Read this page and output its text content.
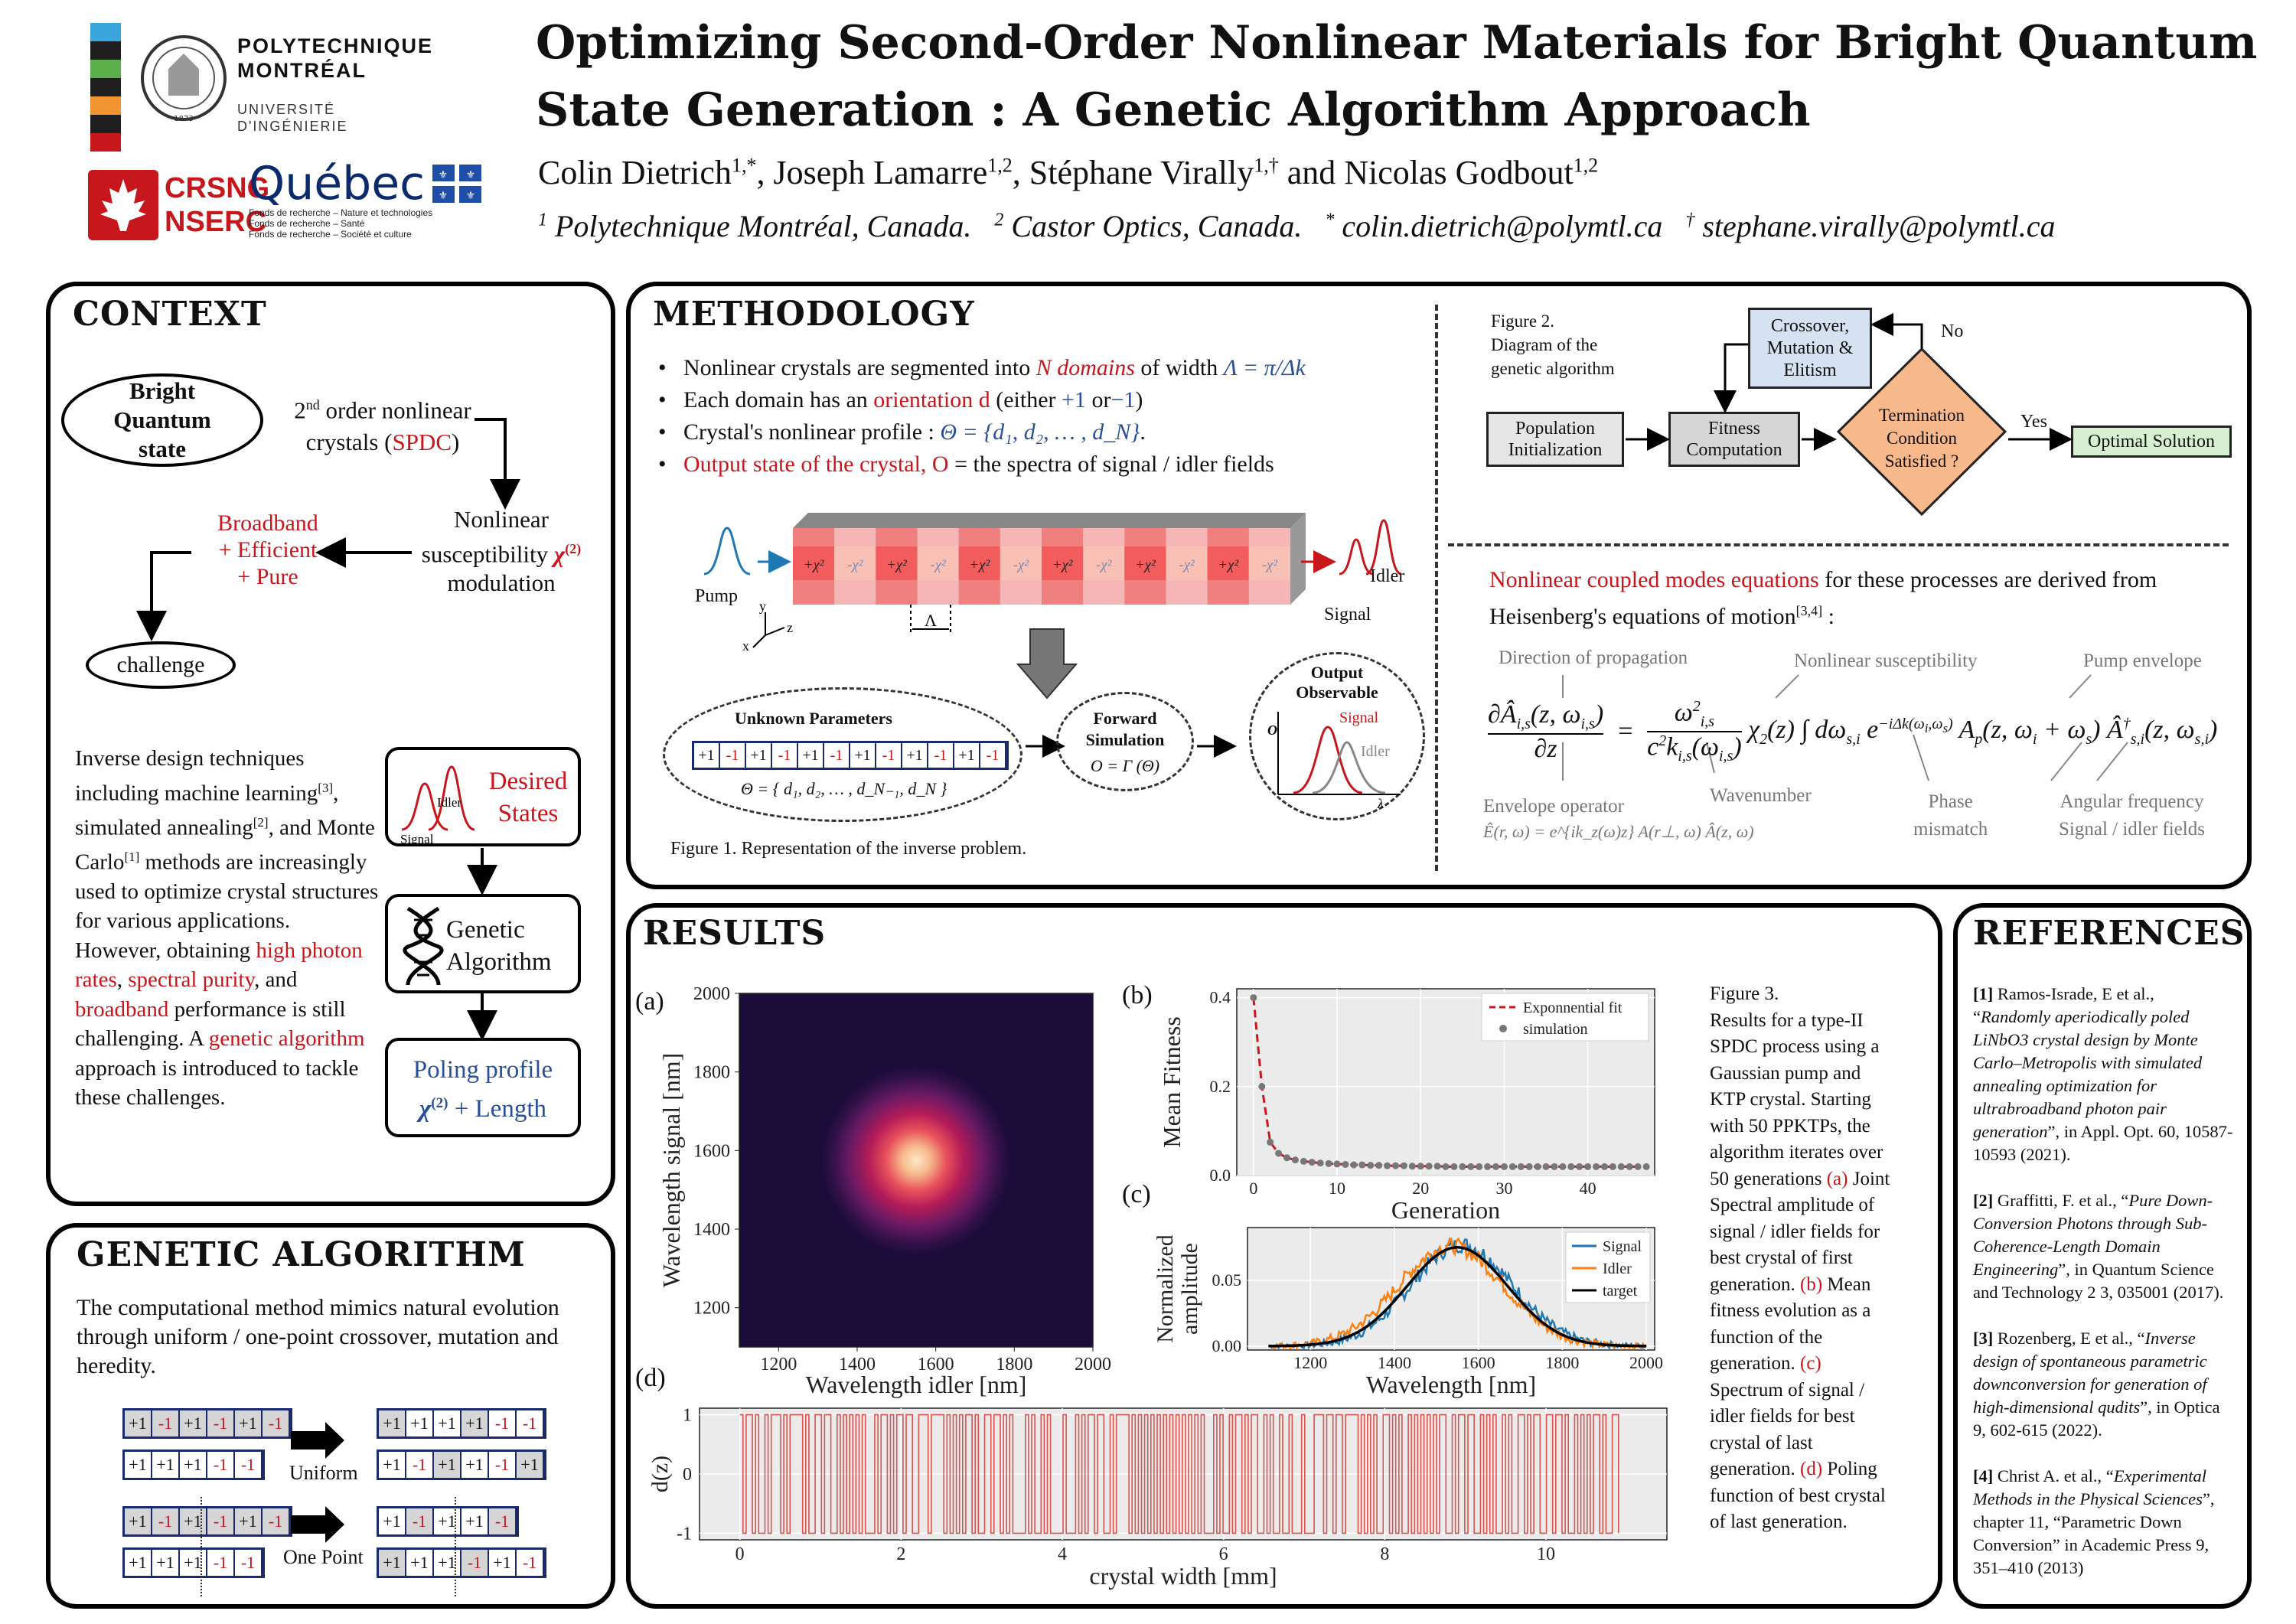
1873
POLYTECHNIQUE
MONTRÉAL
UNIVERSITÉ
D'INGÉNIERIE
CRSNG
NSERC
Québec ⚜ ⚜
⚜ ⚜
Fonds de recherche – Nature et technologies
Fonds de recherche – Santé
Fonds de recherche – Société et culture
Optimizing Second-Order Nonlinear Materials for Bright Quantum
State Generation : A Genetic Algorithm Approach
Colin Dietrich$^{1,*}$, Joseph Lamarre$^{1,2}$, Stéphane Virally$^{1,\dagger}$ and Nicolas Godbout$^{1,2}$
$^1$ Polytechnique Montréal, Canada.   $^2$ Castor Optics, Canada.   * colin.dietrich@polymtl.ca   † stephane.virally@polymtl.ca
CONTEXT
Bright Quantum state
2nd order nonlinear crystals (SPDC)
Nonlinear
susceptibility $\chi^{(2)}$
modulation
Broadband
+ Efficient
+ Pure
challenge
Inverse design techniques including machine learning[3], simulated annealing[2], and Monte Carlo[1] methods are increasingly used to optimize crystal structures for various applications. However, obtaining high photon rates, spectral purity, and broadband performance is still challenging. A genetic algorithm approach is introduced to tackle these challenges.
Signal
Idler
Desired States
Genetic Algorithm
Poling profile
$\chi^{(2)}$ + Length
GENETIC ALGORITHM
The computational method mimics natural evolution through uniform / one-point crossover, mutation and heredity.
+1 -1 +1 -1 +1 -1
+1 +1 +1 -1 -1
+1 -1 +1 -1 +1 -1
+1 +1 +1 -1 -1
+1 +1 +1 +1 -1 -1
+1 -1 +1 +1 -1 +1
+1 -1 +1 +1 -1
+1 +1 +1 -1 +1 -1
Uniform
One Point
METHODOLOGY
•   Nonlinear crystals are segmented into N domains of width Λ = π/Δk
•   Each domain has an orientation d (either +1 or−1)
•   Crystal's nonlinear profile : Θ = {d₁, d₂, … , d_N}.
•   Output state of the crystal, O = the spectra of signal / idler fields
+χ² -χ² +χ² -χ² +χ² -χ² +χ² -χ² +χ² -χ² +χ² -χ²
Λ
y
z
x
Pump
Signal
Idler
Unknown Parameters
+1 -1 +1 -1 +1 -1 +1 -1 +1 -1 +1 -1
Θ = { d₁, d₂, … , d_N₋₁, d_N }
Forward
Simulation
O = Γ (Θ)
Output
Observable
O
λ
Signal
Idler
Figure 1. Representation of the inverse problem.
Figure 2.
Diagram of the
genetic algorithm
Population Initialization
Fitness Computation
Crossover, Mutation & Elitism
Termination Condition Satisfied ?
Optimal Solution
No
Yes
Nonlinear coupled modes equations for these processes are derived from
Heisenberg's equations of motion[3,4] :
Direction of propagation	Nonlinear susceptibility	Pump envelope
$\frac{\partial Â_{i,s}(z, \omega_{i,s})}{\partial z} = \frac{\omega^2_{i,s}}{c^2k_{i,s}(\omega_{i,s})} \chi_2(z)$ ∫ $d\omega_{s,i}$ $e^{-i\Delta k(\omega_i,\omega_s)}$ $A_p(z$, $\omega_i + \omega_s$) $Â^\dagger_{s,i}(z$, $\omega_{s,i}$)
Envelope operator
Ê(r, ω) = e^{ik_z(ω)z} A(r⊥, ω) Â(z, ω)
Wavenumber	Phase
mismatch
Angular frequency
Signal / idler fields
RESULTS
(a)	(b)
(c)
(d)
2000
1800
1600
1400
1200
1200 1400 1600 1800 2000
Wavelength idler [nm]
Wavelength signal [nm]	0	10	20	30	40
0.0
0.2
0.4
Exponnential fit
simulation
Generation
Mean Fitness
1200	1400	1600	1800	2000
0.00
0.05
Signal
Idler
target
Wavelength [nm]
Normalized amplitude
0	2	4	6	8	10
1
0
-1
crystal width [mm]
d(z)
Figure 3.
Results for a type-II
SPDC process using a
Gaussian pump and
KTP crystal. Starting
with 50 PPKTPs, the
algorithm iterates over
50 generations (a) Joint
Spectral amplitude of
signal / idler fields for
best crystal of first
generation. (b) Mean
fitness evolution as a
function of the
generation. (c)
Spectrum of signal /
idler fields for best
crystal of last
generation. (d) Poling
function of best crystal
of last generation.
REFERENCES
[1] Ramos-Israde, E et al., “Randomly aperiodically poled LiNbO3 crystal design by Monte Carlo–Metropolis with simulated annealing optimization for ultrabroadband photon pair generation”, in Appl. Opt. 60, 10587-10593 (2021).
[2] Graffitti, F. et al., “Pure Down-Conversion Photons through Sub-Coherence-Length Domain Engineering”, in Quantum Science and Technology 2 3, 035001 (2017).
[3] Rozenberg, E et al., “Inverse design of spontaneous parametric downconversion for generation of high-dimensional qudits”, in Optica 9, 602-615 (2022).
[4] Christ A. et al., “Experimental Methods in the Physical Sciences”, chapter 11, “Parametric Down Conversion” in Academic Press 9, 351–410 (2013)
